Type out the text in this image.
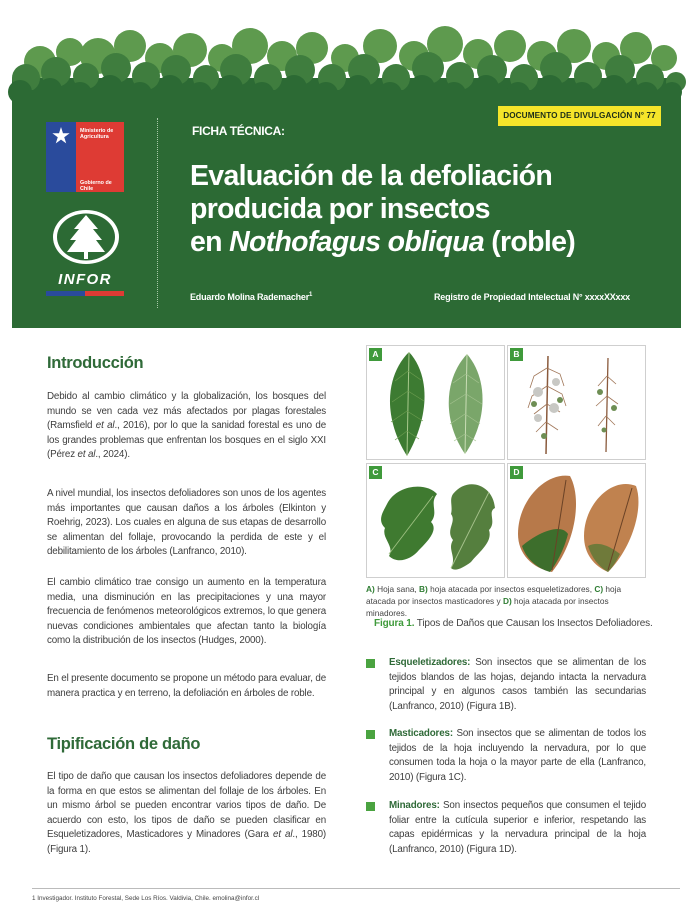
DOCUMENTO DE DIVULGACIÓN N° 77
Ministerio de
Agricultura
Gobierno de Chile
INFOR
FICHA TÉCNICA:
Evaluación de la defoliación
producida por insectos
en Nothofagus obliqua (roble)
Eduardo Molina Rademacher$^1$	Registro de Propiedad Intelectual N° xxxxXXxxx
Introducción
Debido al cambio climático y la globalización, los bosques del mundo se ven cada vez más afectados por plagas forestales (Ramsfield et al., 2016), por lo que la sanidad forestal es uno de los grandes problemas que enfrentan los bosques en el siglo XXI (Pérez et al., 2024).
A nivel mundial, los insectos defoliadores son unos de los agentes más importantes que causan daños a los árboles (Elkinton y Roehrig, 2023). Los cuales en alguna de sus etapas de desarrollo se alimentan del follaje, provocando la perdida de este y el debilitamiento de los árboles (Lanfranco, 2010).
El cambio climático trae consigo un aumento en la temperatura media, una disminución en las precipitaciones y una mayor frecuencia de fenómenos meteorológicos extremos, lo que genera nuevas condiciones ambientales que afectan tanto la biología como la distribución de los insectos (Hudges, 2000).
En el presente documento se propone un método para evaluar, de manera practica y en terreno, la defoliación en árboles de roble.
Tipificación de daño
El tipo de daño que causan los insectos defoliadores depende de la forma en que estos se alimentan del follaje de los árboles. En un mismo árbol se pueden encontrar varios tipos de daño. De acuerdo con esto, los tipos de daño se pueden clasificar en Esqueletizadores, Masticadores y Minadores (Gara et al., 1980) (Figura 1).
A	B
C	D
A) Hoja sana, B) hoja atacada por insectos esqueletizadores, C) hoja atacada por insectos masticadores y D) hoja atacada por insectos minadores.
Figura 1. Tipos de Daños que Causan los Insectos Defoliadores.
Esqueletizadores: Son insectos que se alimentan de los tejidos blandos de las hojas, dejando intacta la nervadura principal y en algunos casos también las secundarias (Lanfranco, 2010) (Figura 1B).
Masticadores: Son insectos que se alimentan de todos los tejidos de la hoja incluyendo la nervadura, por lo que consumen toda la hoja o la mayor parte de ella (Lanfranco, 2010) (Figura 1C).
Minadores: Son insectos pequeños que consumen el tejido foliar entre la cutícula superior e inferior, respetando las capas epidérmicas y la nervadura principal de la hoja (Lanfranco, 2010) (Figura 1D).
1 Investigador. Instituto Forestal, Sede Los Ríos. Valdivia, Chile. emolina@infor.cl
